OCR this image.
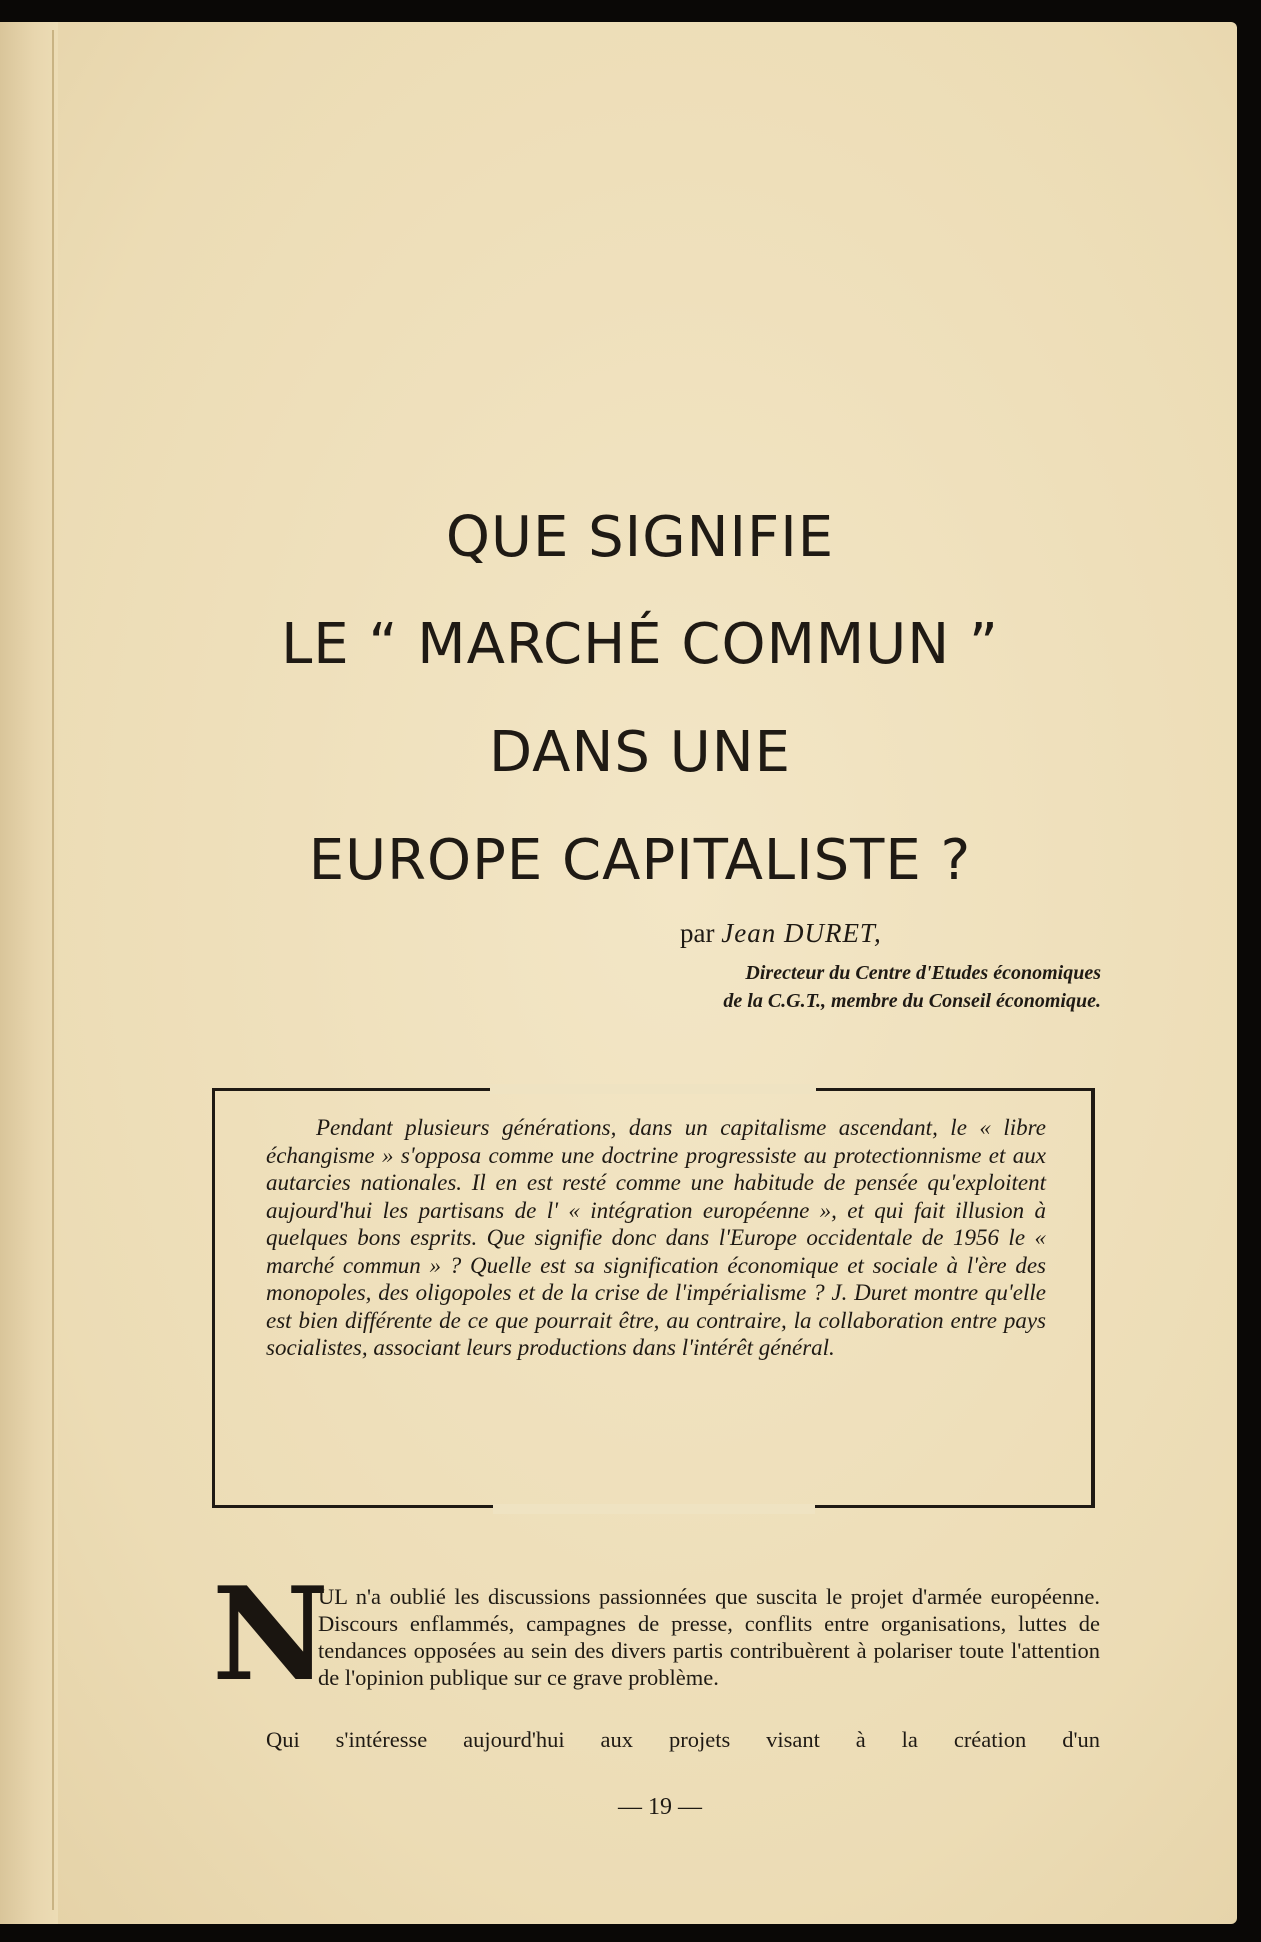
QUE SIGNIFIE
LE “ MARCHÉ COMMUN ”
DANS UNE
EUROPE CAPITALISTE ?
par Jean DURET,
Directeur du Centre d'Etudes économiques
de la C.G.T., membre du Conseil économique.

Pendant plusieurs générations, dans un capitalisme ascendant, le « libre échangisme » s'opposa comme une doctrine progressiste au protectionnisme et aux autarcies nationales. Il en est resté comme une habitude de pensée qu'exploitent aujourd'hui les partisans de l' « intégration européenne », et qui fait illusion à quelques bons esprits. Que signifie donc dans l'Europe occidentale de 1956 le « marché commun » ? Quelle est sa signification économique et sociale à l'ère des monopoles, des oligopoles et de la crise de l'impérialisme ? J. Duret montre qu'elle est bien différente de ce que pourrait être, au contraire, la collaboration entre pays socialistes, associant leurs productions dans l'intérêt général.

N

UL n'a oublié les discussions passionnées que suscita le projet d'armée européenne. Discours enflammés, campagnes de presse, conflits entre organisations, luttes de tendances opposées au sein des divers partis contribuèrent à polariser toute l'attention de l'opinion publique sur ce grave problème.

Qui s'intéresse aujourd'hui aux projets visant à la création d'un

— 19 —
